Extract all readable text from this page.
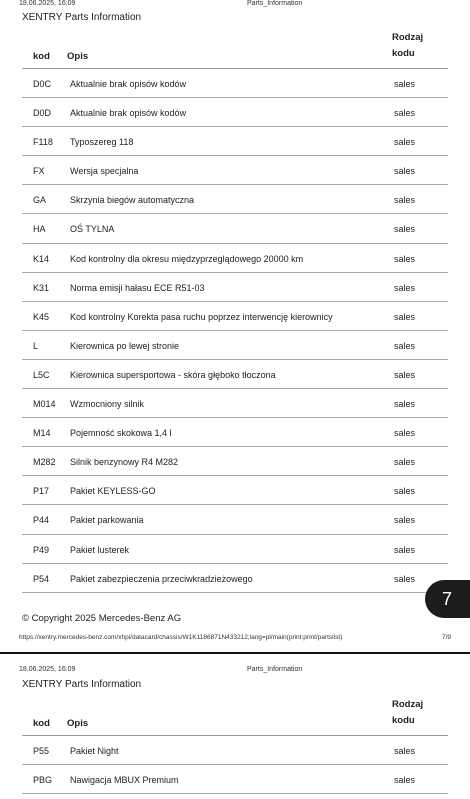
18.06.2025, 16:09	Parts_Information
XENTRY Parts Information
kod Opis
Rodzaj
kodu
D0C Aktualnie brak opisów kodów	sales
D0D Aktualnie brak opisów kodów	sales
F118 Typoszereg 118	sales
FX	Wersja specjalna	sales
GA	Skrzynia biegów automatyczna	sales
HA	OŚ TYLNA	sales
K14 Kod kontrolny dla okresu międzyprzeglądowego 20000 km	sales
K31 Norma emisji hałasu ECE R51-03	sales
K45 Kod kontrolny Korekta pasa ruchu poprzez interwencję kierownicy	sales
L	Kierownica po lewej stronie	sales
L5C Kierownica supersportowa - skóra głęboko tłoczona	sales
M014 Wzmocniony silnik	sales
M14 Pojemność skokowa 1,4 l	sales
M282 Silnik benzynowy R4 M282	sales
P17 Pakiet KEYLESS-GO	sales
P44 Pakiet parkowania	sales
P49 Pakiet lusterek	sales
P54 Pakiet zabezpieczenia przeciwkradzieżowego	sales
© Copyright 2025 Mercedes-Benz AG
https://xentry.mercedes-benz.com/xhpi/datacard/chassis/W1K1186871N433212;lang=pl/main(print:print/partslist)	7/9
7
18.06.2025, 16:09	Parts_Information
XENTRY Parts Information
kod Opis
Rodzaj
kodu
P55 Pakiet Night	sales
PBG Nawigacja MBUX Premium	sales
